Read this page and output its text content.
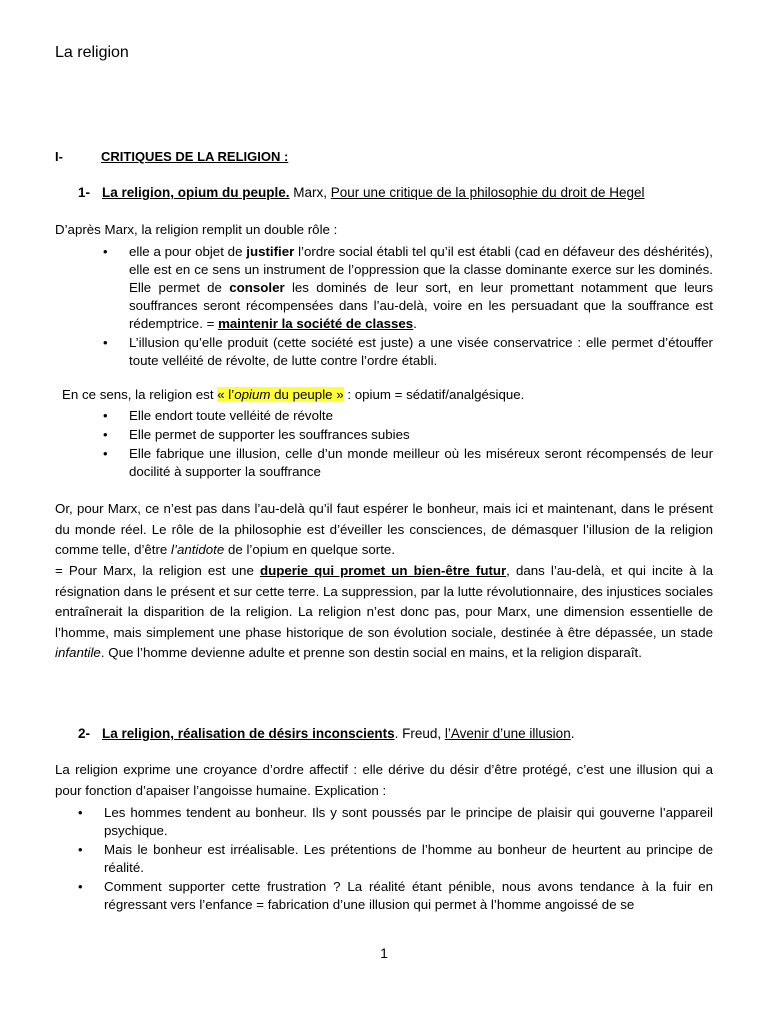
La religion
I-	CRITIQUES DE LA RELIGION :
1- La religion, opium du peuple. Marx, Pour une critique de la philosophie du droit de Hegel
D’après Marx, la religion remplit un double rôle :
• elle a pour objet de justifier l’ordre social établi tel qu’il est établi (cad en défaveur des déshérités), elle est en ce sens un instrument de l’oppression que la classe dominante exerce sur les dominés. Elle permet de consoler les dominés de leur sort, en leur promettant notamment que leurs souffrances seront récompensées dans l’au-delà, voire en les persuadant que la souffrance est rédemptrice. = maintenir la société de classes.
• L’illusion qu’elle produit (cette société est juste) a une visée conservatrice : elle permet d’étouffer toute velléité de révolte, de lutte contre l’ordre établi.
En ce sens, la religion est « l’opium du peuple » : opium = sédatif/analgésique.
• Elle endort toute velléité de révolte
• Elle permet de supporter les souffrances subies
• Elle fabrique une illusion, celle d’un monde meilleur où les miséreux seront récompensés de leur docilité à supporter la souffrance
Or, pour Marx, ce n’est pas dans l’au-delà qu’il faut espérer le bonheur, mais ici et maintenant, dans le présent du monde réel. Le rôle de la philosophie est d’éveiller les consciences, de démasquer l’illusion de la religion comme telle, d’être l’antidote de l’opium en quelque sorte.
= Pour Marx, la religion est une duperie qui promet un bien-être futur, dans l’au-delà, et qui incite à la résignation dans le présent et sur cette terre. La suppression, par la lutte révolutionnaire, des injustices sociales entraînerait la disparition de la religion. La religion n’est donc pas, pour Marx, une dimension essentielle de l’homme, mais simplement une phase historique de son évolution sociale, destinée à être dépassée, un stade infantile. Que l’homme devienne adulte et prenne son destin social en mains, et la religion disparaît.
2- La religion, réalisation de désirs inconscients. Freud, l’Avenir d’une illusion.
La religion exprime une croyance d’ordre affectif : elle dérive du désir d’être protégé, c’est une illusion qui a pour fonction d’apaiser l’angoisse humaine. Explication :
• Les hommes tendent au bonheur. Ils y sont poussés par le principe de plaisir qui gouverne l’appareil psychique.
• Mais le bonheur est irréalisable. Les prétentions de l’homme au bonheur de heurtent au principe de réalité.
• Comment supporter cette frustration ? La réalité étant pénible, nous avons tendance à la fuir en régressant vers l’enfance = fabrication d’une illusion qui permet à l’homme angoissé de se
1
